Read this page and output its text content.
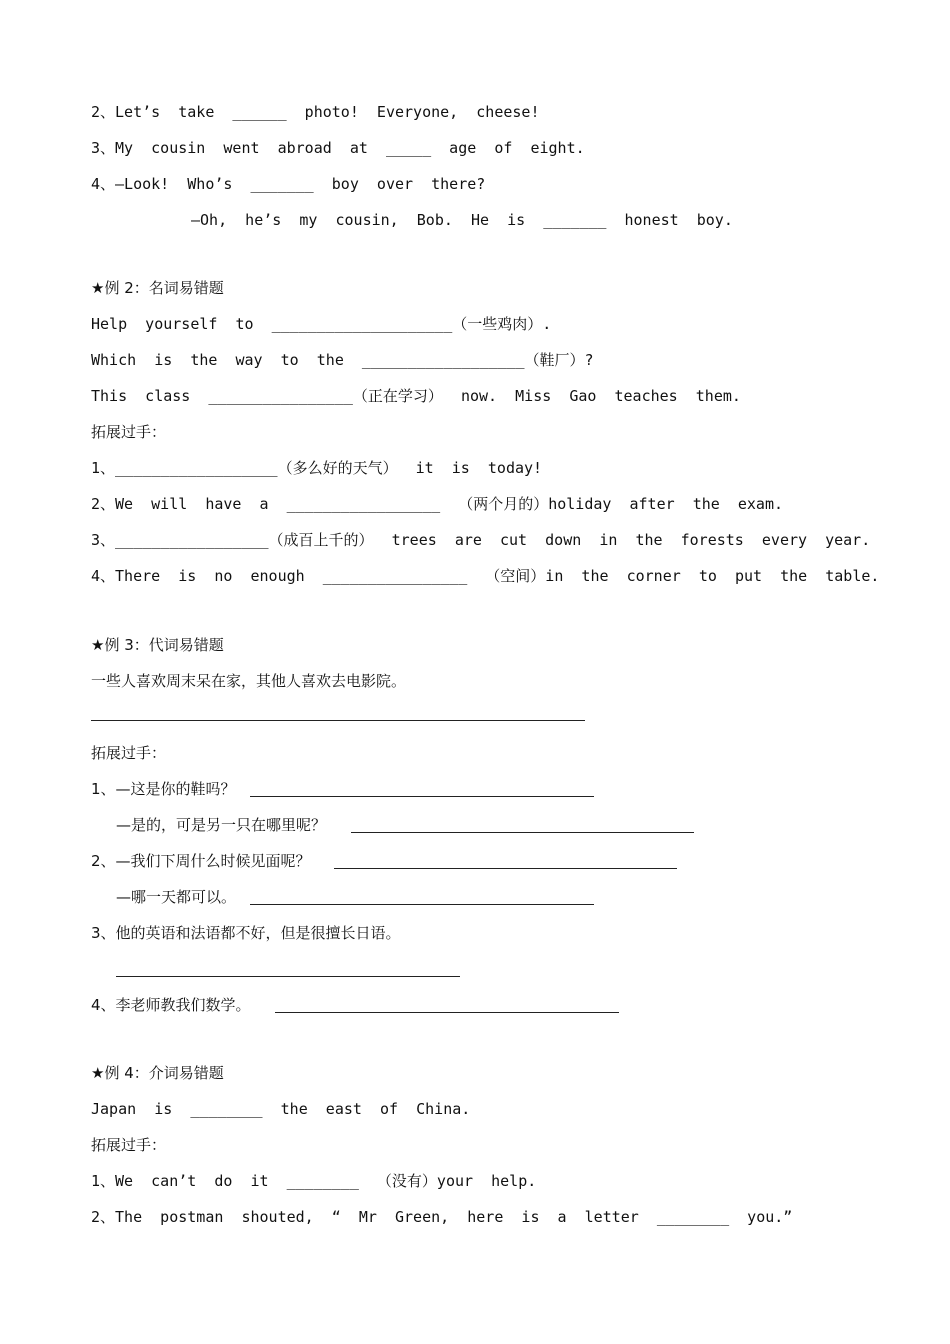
2、Let’s  take  ______  photo!  Everyone,  cheese!
3、My  cousin  went  abroad  at  _____  age  of  eight.
4、—Look!  Who’s  _______  boy  over  there?
—Oh,  he’s  my  cousin,  Bob.  He  is  _______  honest  boy.
★例 2：名词易错题
Help  yourself  to  ____________________（一些鸡肉）.
Which  is  the  way  to  the  __________________（鞋厂）?
This  class  ________________（正在学习）  now.  Miss  Gao  teaches  them.
拓展过手：
1、__________________（多么好的天气）  it  is  today!
2、We  will  have  a  _________________  （两个月的）holiday  after  the  exam.
3、_________________（成百上千的）  trees  are  cut  down  in  the  forests  every  year.
4、There  is  no  enough  ________________  （空间）in  the  corner  to  put  the  table.
★例 3：代词易错题
一些人喜欢周末呆在家，其他人喜欢去电影院。
拓展过手：
1、—这是你的鞋吗？
—是的，可是另一只在哪里呢？
2、—我们下周什么时候见面呢？
—哪一天都可以。
3、他的英语和法语都不好，但是很擅长日语。
4、李老师教我们数学。
★例 4：介词易错题
Japan  is  ________  the  east  of  China.
拓展过手：
1、We  can’t  do  it  ________  （没有）your  help.
2、The  postman  shouted,  “  Mr  Green,  here  is  a  letter  ________  you.”
